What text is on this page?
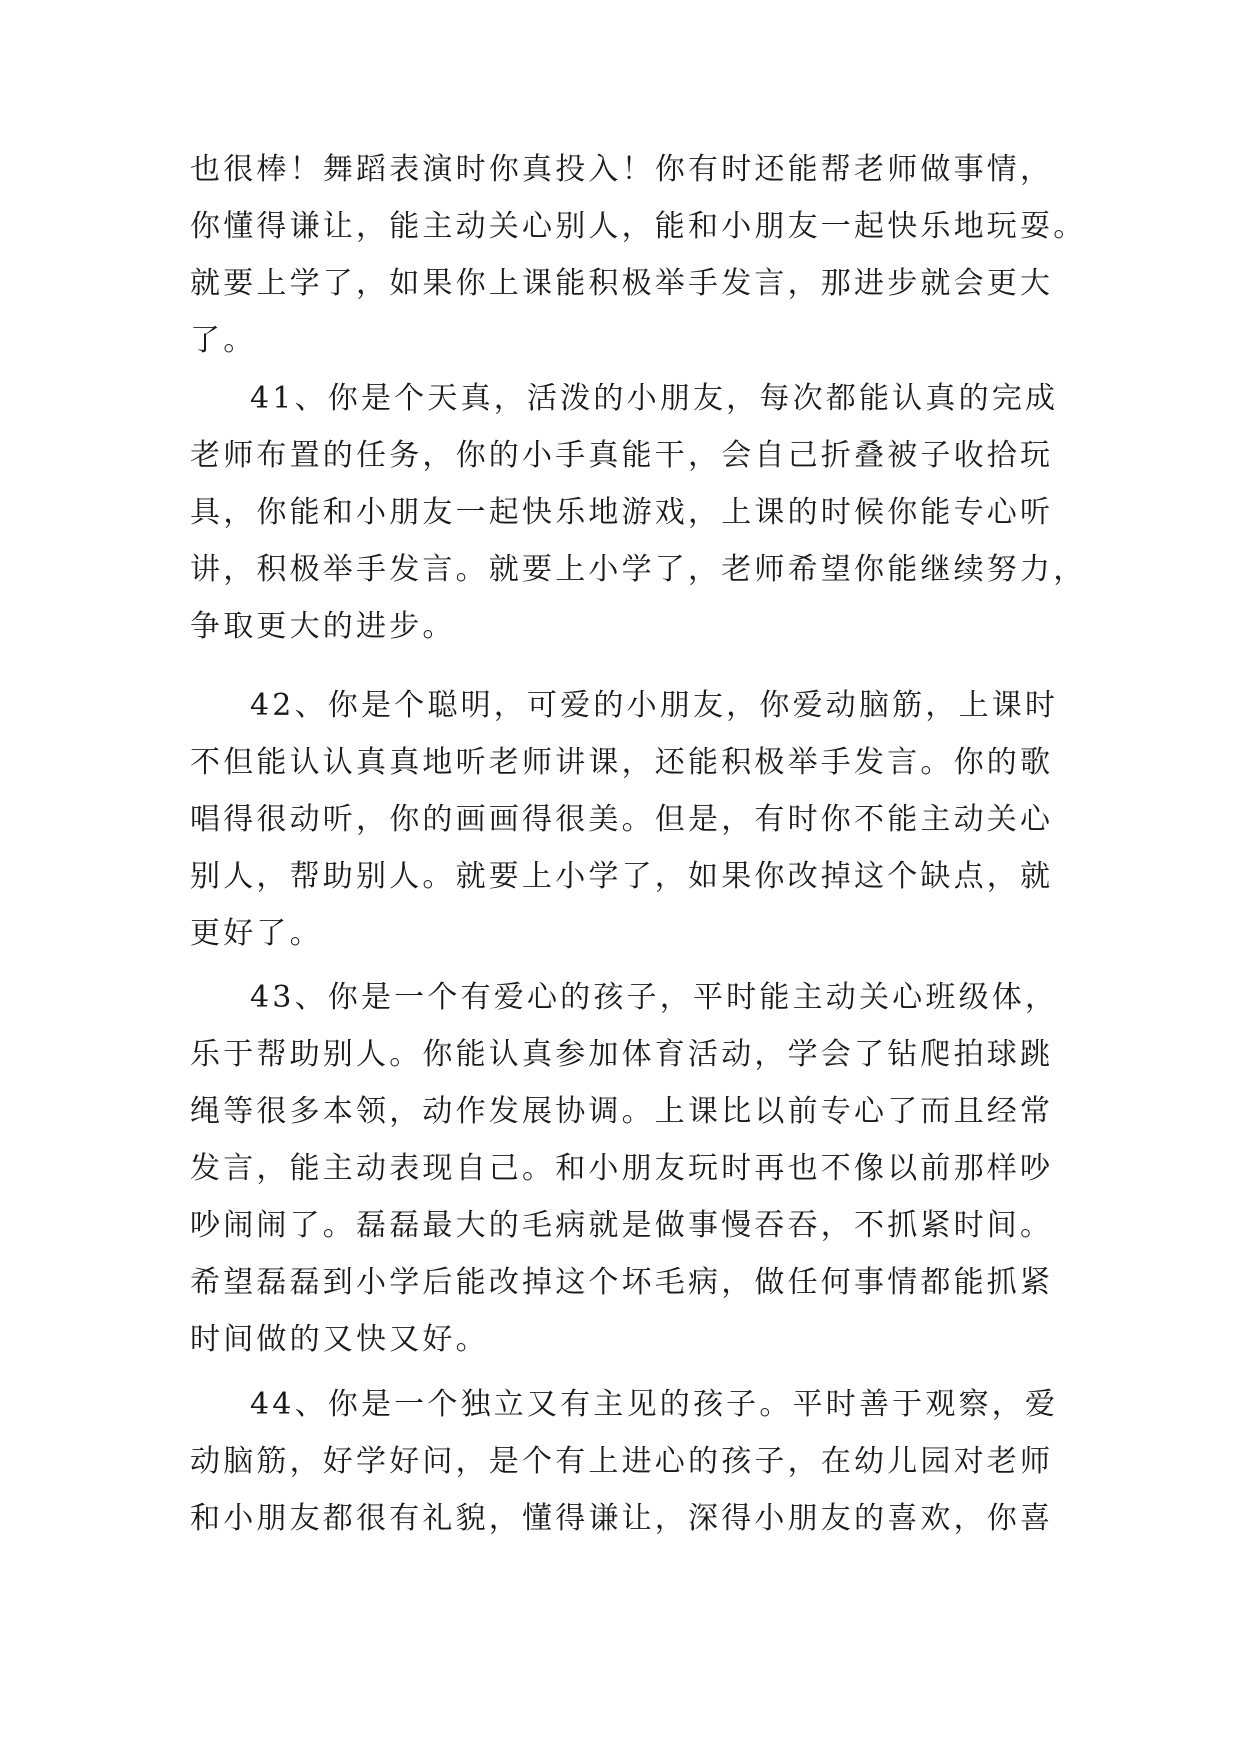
也很棒！舞蹈表演时你真投入！你有时还能帮老师做事情，
你懂得谦让，能主动关心别人，能和小朋友一起快乐地玩耍。
就要上学了，如果你上课能积极举手发言，那进步就会更大
了。
41、你是个天真，活泼的小朋友，每次都能认真的完成
老师布置的任务，你的小手真能干，会自己折叠被子收拾玩
具，你能和小朋友一起快乐地游戏，上课的时候你能专心听
讲，积极举手发言。就要上小学了，老师希望你能继续努力，
争取更大的进步。
42、你是个聪明，可爱的小朋友，你爱动脑筋，上课时
不但能认认真真地听老师讲课，还能积极举手发言。你的歌
唱得很动听，你的画画得很美。但是，有时你不能主动关心
别人，帮助别人。就要上小学了，如果你改掉这个缺点，就
更好了。
43、你是一个有爱心的孩子，平时能主动关心班级体，
乐于帮助别人。你能认真参加体育活动，学会了钻爬拍球跳
绳等很多本领，动作发展协调。上课比以前专心了而且经常
发言，能主动表现自己。和小朋友玩时再也不像以前那样吵
吵闹闹了。磊磊最大的毛病就是做事慢吞吞，不抓紧时间。
希望磊磊到小学后能改掉这个坏毛病，做任何事情都能抓紧
时间做的又快又好。
44、你是一个独立又有主见的孩子。平时善于观察，爱
动脑筋，好学好问，是个有上进心的孩子，在幼儿园对老师
和小朋友都很有礼貌，懂得谦让，深得小朋友的喜欢，你喜
